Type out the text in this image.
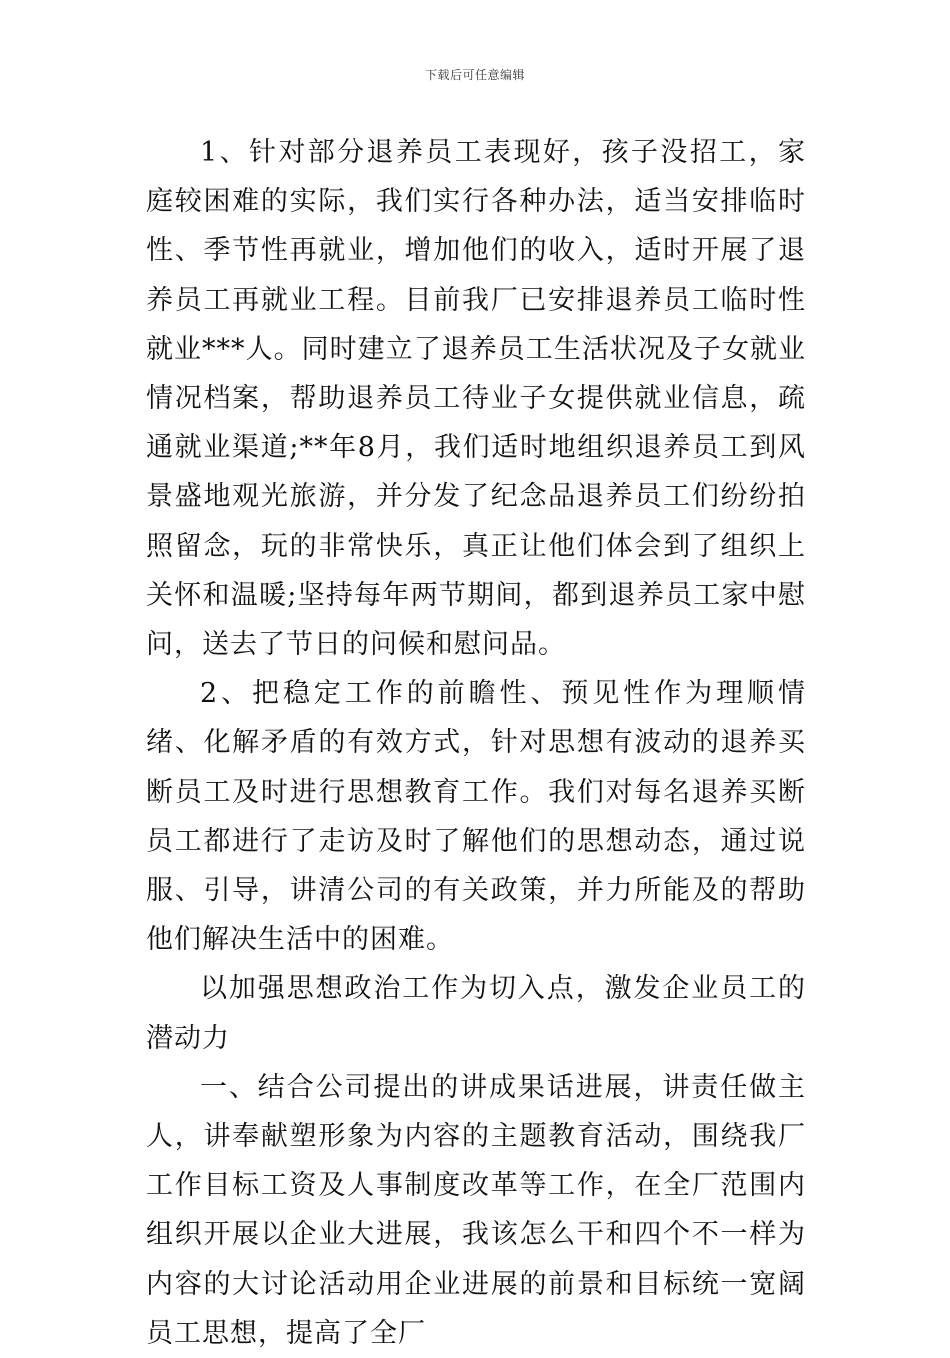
下载后可任意编辑

1、针对部分退养员工表现好，孩子没招工，家庭较困难的实际，我们实行各种办法，适当安排临时性、季节性再就业，增加他们的收入，适时开展了退养员工再就业工程。目前我厂已安排退养员工临时性就业***人。同时建立了退养员工生活状况及子女就业情况档案，帮助退养员工待业子女提供就业信息，疏通就业渠道;**年8月，我们适时地组织退养员工到风景盛地观光旅游，并分发了纪念品退养员工们纷纷拍照留念，玩的非常快乐，真正让他们体会到了组织上关怀和温暖;坚持每年两节期间，都到退养员工家中慰问，送去了节日的问候和慰问品。

2、把稳定工作的前瞻性、预见性作为理顺情绪、化解矛盾的有效方式，针对思想有波动的退养买断员工及时进行思想教育工作。我们对每名退养买断员工都进行了走访及时了解他们的思想动态，通过说服、引导，讲清公司的有关政策，并力所能及的帮助他们解决生活中的困难。

以加强思想政治工作为切入点，激发企业员工的潜动力

一、结合公司提出的讲成果话进展，讲责任做主人，讲奉献塑形象为内容的主题教育活动，围绕我厂工作目标工资及人事制度改革等工作，在全厂范围内组织开展以企业大进展，我该怎么干和四个不一样为内容的大讨论活动用企业进展的前景和目标统一宽阔员工思想，提高了全厂
